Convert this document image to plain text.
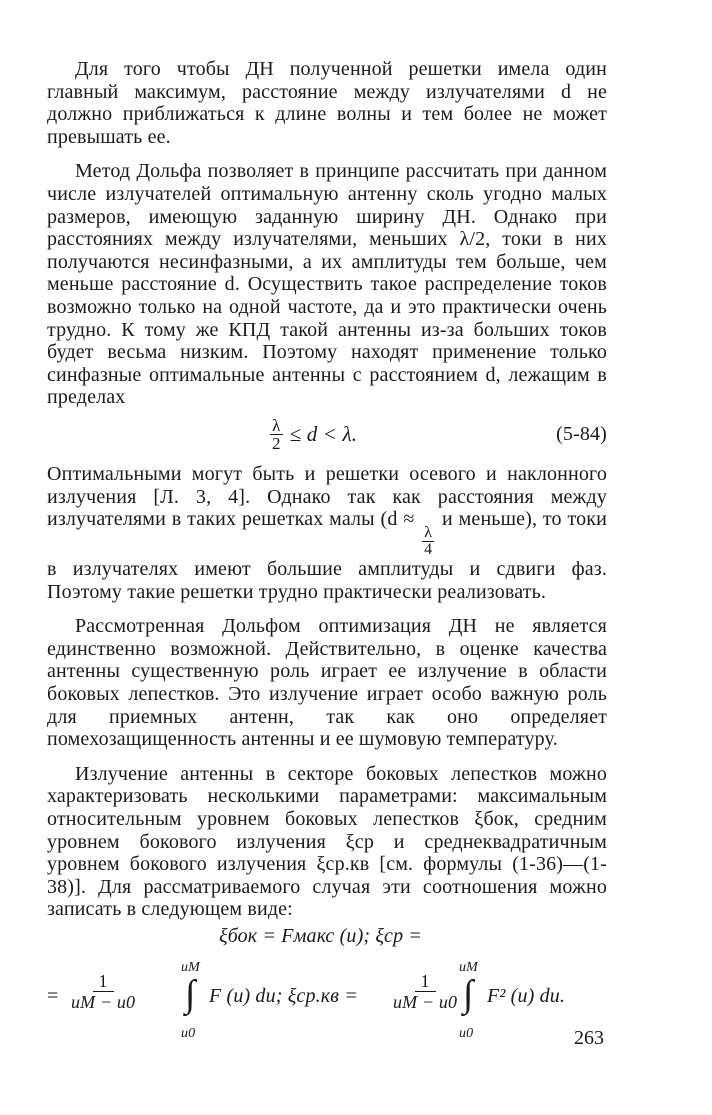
Для того чтобы ДН полученной решетки имела один главный максимум, расстояние между излучателями d не должно приближаться к длине волны и тем более не может превышать ее.

Метод Дольфа позволяет в принципе рассчитать при данном числе излучателей оптимальную антенну сколь угодно малых размеров, имеющую заданную ширину ДН. Однако при расстояниях между излучателями, меньших λ/2, токи в них получаются несинфазными, а их амплитуды тем больше, чем меньше расстояние d. Осуществить такое распределение токов возможно только на одной частоте, да и это практически очень трудно. К тому же КПД такой антенны из-за больших токов будет весьма низким. Поэтому находят применение только синфазные оптимальные антенны с расстоянием d, лежащим в пределах

$\frac{\lambda}{2} \le d < \lambda$.	(5-84)

Оптимальными могут быть и решетки осевого и наклонного излучения [Л. 3, 4]. Однако так как расстояния между излучателями в таких решетках малы (d ≈
$\frac{\lambda}{4}$
и меньше), то токи в излучателях имеют большие амплитуды и сдвиги фаз. Поэтому такие решетки трудно практически реализовать.

Рассмотренная Дольфом оптимизация ДН не является единственно возможной. Действительно, в оценке качества антенны существенную роль играет ее излучение в области боковых лепестков. Это излучение играет особо важную роль для приемных антенн, так как оно определяет помехозащищенность антенны и ее шумовую температуру.

Излучение антенны в секторе боковых лепестков можно характеризовать несколькими параметрами: максимальным относительным уровнем боковых лепестков ξбок, средним уровнем бокового излучения ξср и среднеквадратичным уровнем бокового излучения ξср.кв [см. формулы (1-36)—(1-38)]. Для рассматриваемого случая эти соотношения можно записать в следующем виде:

ξбок = Fмакс (u); ξср =
= $\frac{1}{uM - u0}$
uM
∫
u0
F (u) du; $\xi ср.кв = \frac{1}{uM - u0}$
uM
∫
u0
F² (u) du.
263
